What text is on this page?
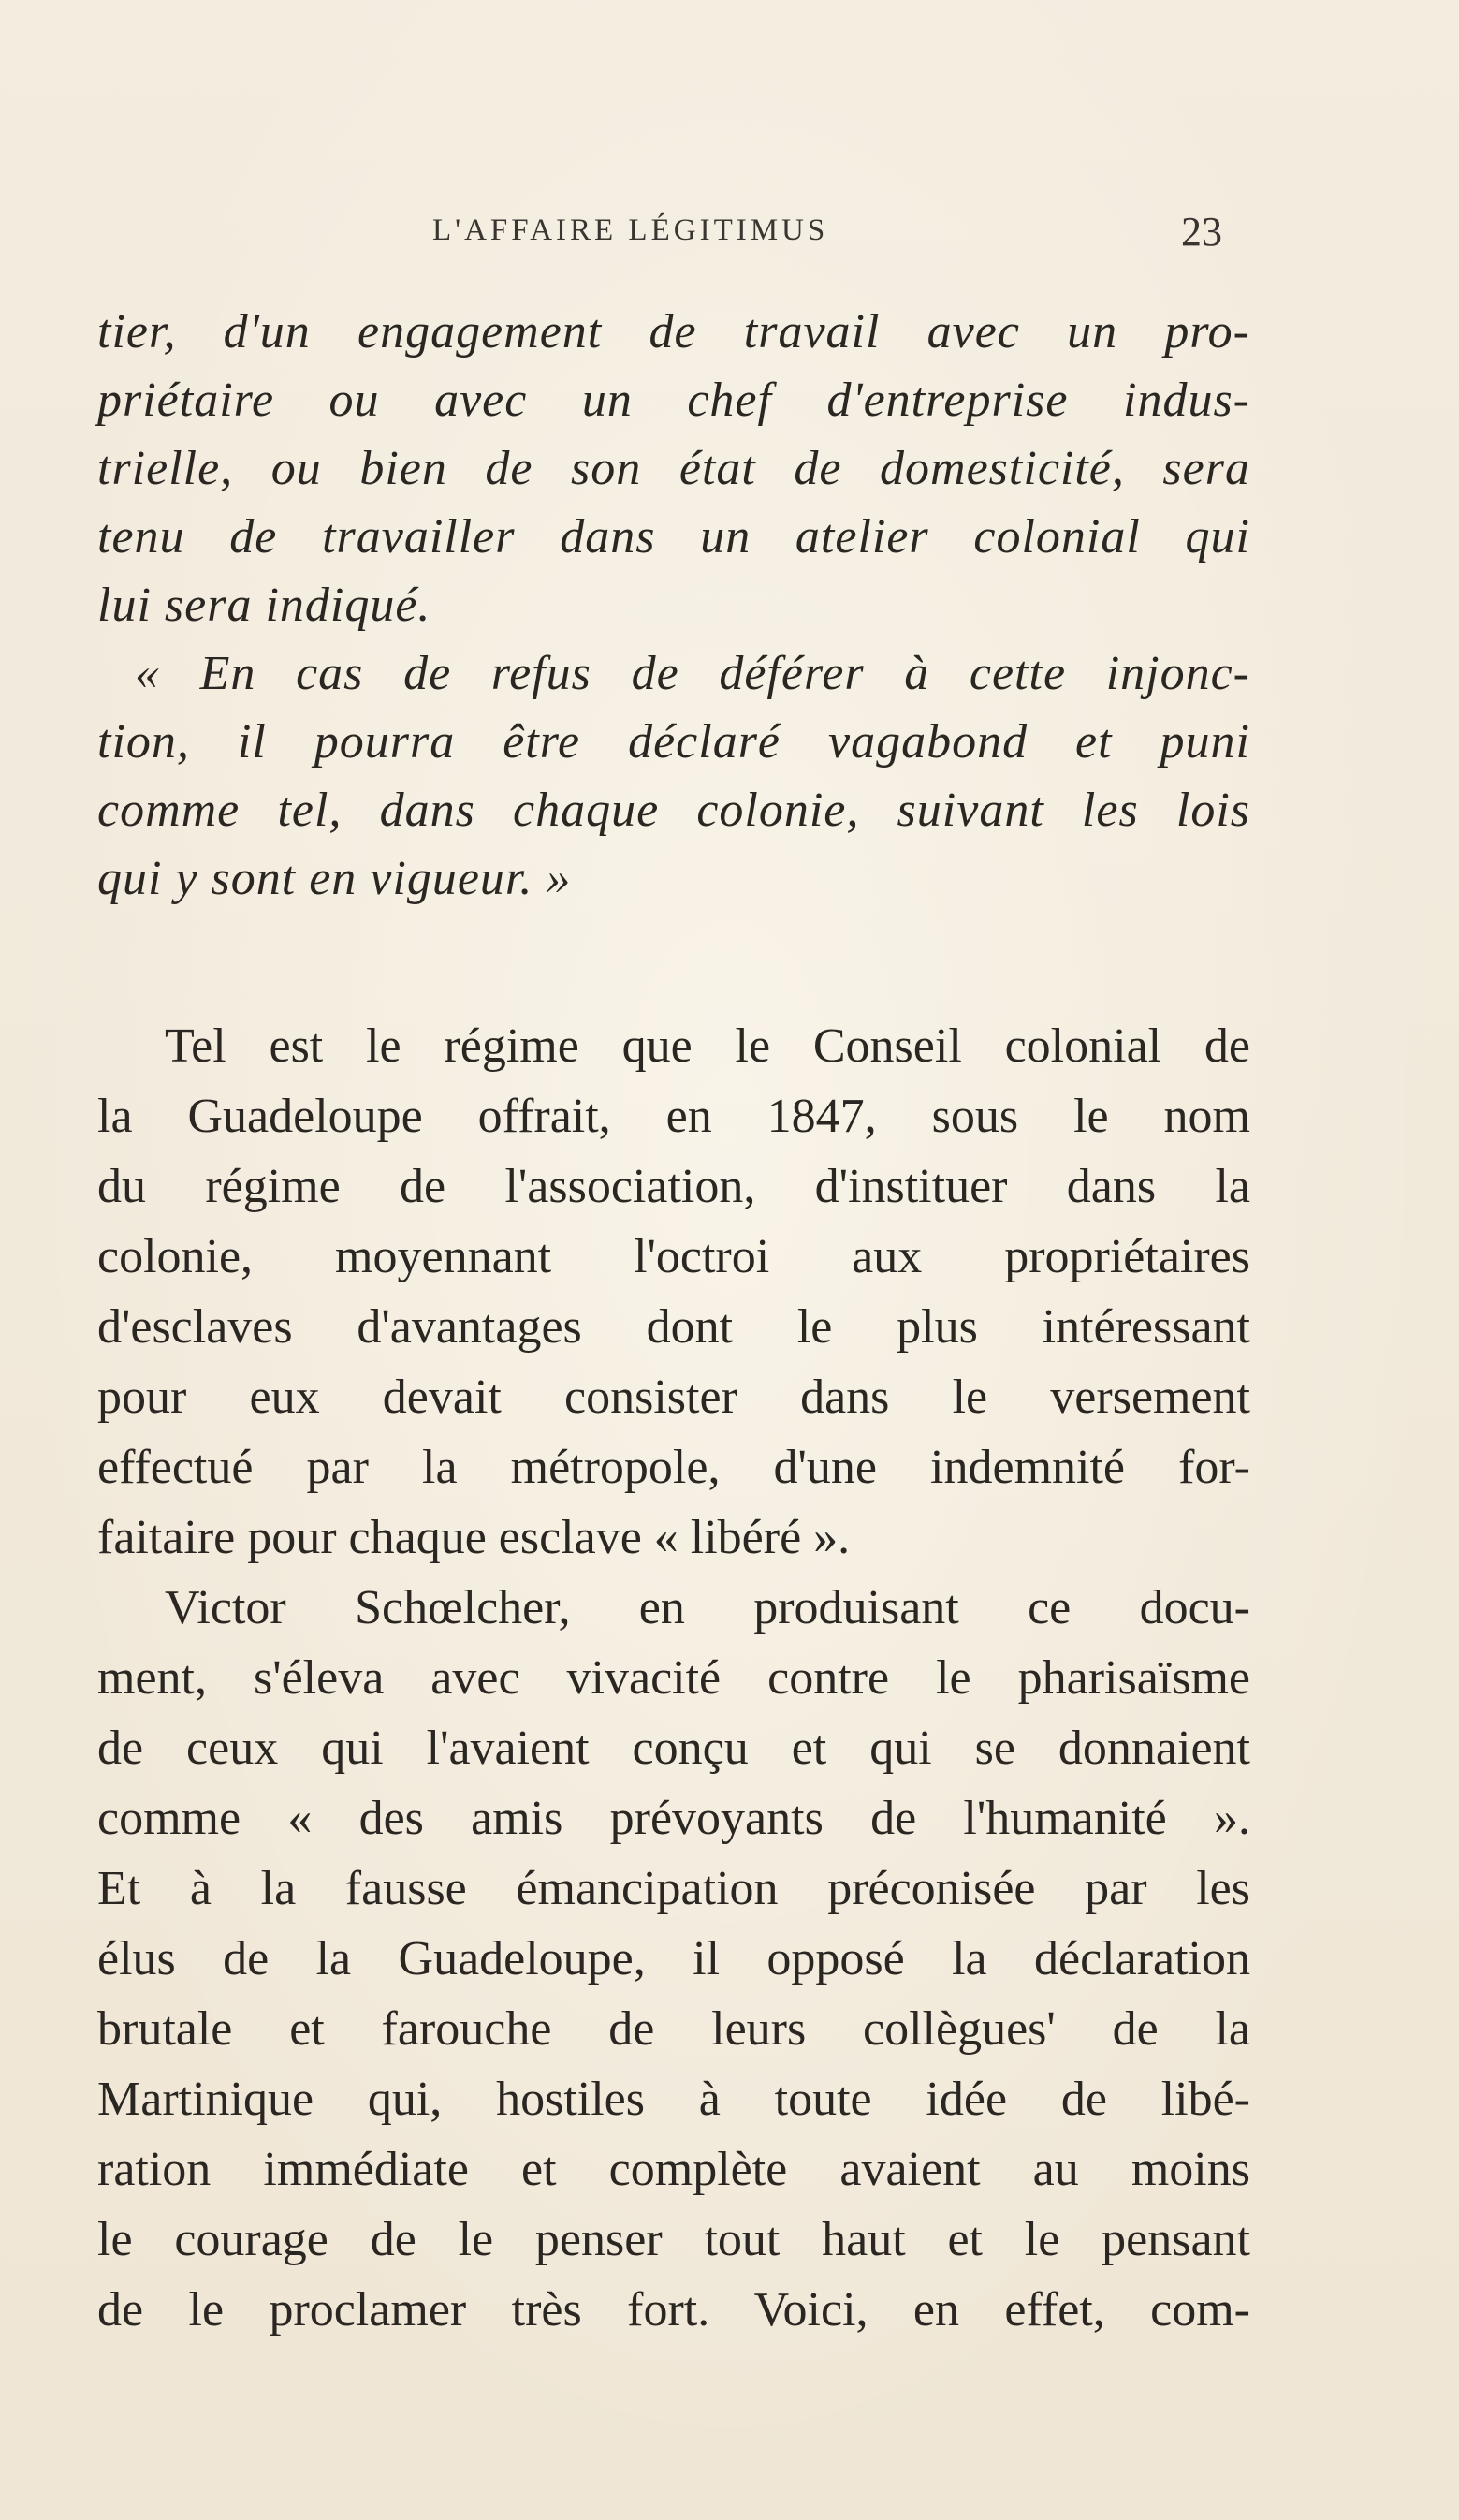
L'AFFAIRE LÉGITIMUS	23
tier, d'un engagement de travail avec un pro-
priétaire ou avec un chef d'entreprise indus-
trielle, ou bien de son état de domesticité, sera
tenu de travailler dans un atelier colonial qui
lui sera indiqué.
« En cas de refus de déférer à cette injonc-
tion, il pourra être déclaré vagabond et puni
comme tel, dans chaque colonie, suivant les lois
qui y sont en vigueur. »
Tel est le régime que le Conseil colonial de
la Guadeloupe offrait, en 1847, sous le nom
du régime de l'association, d'instituer dans la
colonie, moyennant l'octroi aux propriétaires
d'esclaves d'avantages dont le plus intéressant
pour eux devait consister dans le versement
effectué par la métropole, d'une indemnité for-
faitaire pour chaque esclave « libéré ».
Victor Schœlcher, en produisant ce docu-
ment, s'éleva avec vivacité contre le pharisaïsme
de ceux qui l'avaient conçu et qui se donnaient
comme « des amis prévoyants de l'humanité ».
Et à la fausse émancipation préconisée par les
élus de la Guadeloupe, il opposé la déclaration
brutale et farouche de leurs collègues' de la
Martinique qui, hostiles à toute idée de libé-
ration immédiate et complète avaient au moins
le courage de le penser tout haut et le pensant
de le proclamer très fort. Voici, en effet, com-
